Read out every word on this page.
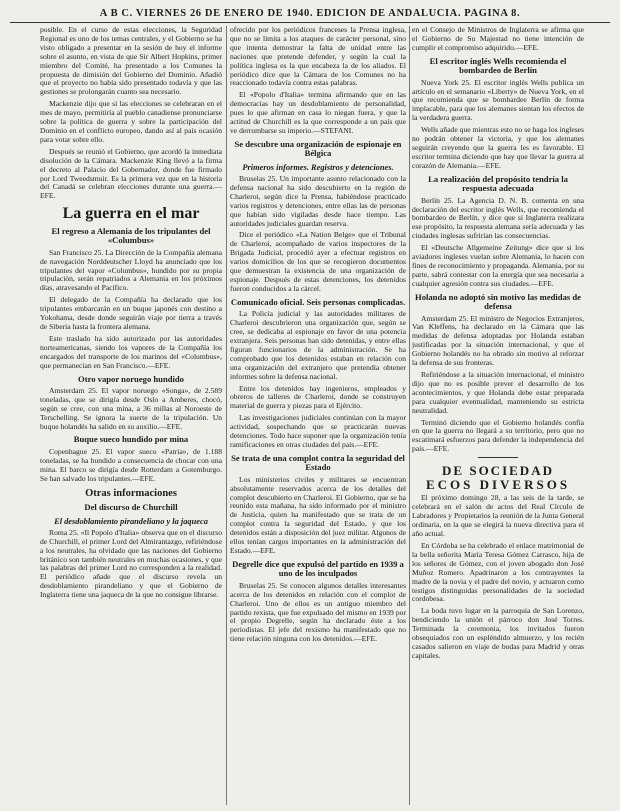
A B C. VIERNES 26 DE ENERO DE 1940. EDICION DE ANDALUCIA. PAGINA 8.

posible. En el curso de estas elecciones, la Seguridad Regional es uno de los temas centrales, y el Gobierno se ha visto obligado a presentar en la sesión de hoy el informe sobre el asunto, en vista de que Sir Albert Hopkins, primer miembro del Comité, ha presentado a los Comunes la propuesta de dimisión del Gobierno del Dominio. Añadió que el proyecto no había sido presentado todavía y que las gestiones se prolongarán cuanto sea necesario.

Mackenzie dijo que si las elecciones se celebraran en el mes de mayo, permitiría al pueblo canadiense pronunciarse sobre la política de guerra y sobre la participación del Dominio en el conflicto europeo, dando así al país ocasión para votar sobre ello.

Después se reunió el Gobierno, que acordó la inmediata disolución de la Cámara. Mackenzie King llevó a la firma el decreto al Palacio del Gobernador, donde fue firmado por Lord Tweedsmuir. Es la primera vez que en la historia del Canadá se celebran elecciones durante una guerra.—EFE.

La guerra en el mar
El regreso a Alemania de los tripulantes del «Columbus»

San Francisco 25. La Dirección de la Compañía alemana de navegación Norddeutscher Lloyd ha anunciado que los tripulantes del vapor «Columbus», hundido por su propia tripulación, serán repatriados a Alemania en los próximos días, atravesando el Pacífico.

El delegado de la Compañía ha declarado que los tripulantes embarcarán en un buque japonés con destino a Yokohama, desde donde seguirán viaje por tierra a través de Siberia hasta la frontera alemana.

Este traslado ha sido autorizado por las autoridades norteamericanas, siendo los vapores de la Compañía los encargados del transporte de los marinos del «Columbus», que permanecían en San Francisco.—EFE.

Otro vapor noruego hundido

Amsterdam 25. El vapor noruego «Songa», de 2.589 toneladas, que se dirigía desde Oslo a Amberes, chocó, según se cree, con una mina, a 36 millas al Noroeste de Terschelling. Se ignora la suerte de la tripulación. Un buque holandés ha salido en su auxilio.—EFE.

Buque sueco hundido por mina

Copenhague 25. El vapor sueco «Patria», de 1.188 toneladas, se ha hundido a consecuencia de chocar con una mina. El barco se dirigía desde Rotterdam a Gotemburgo. Se han salvado los tripulantes.—EFE.

Otras informaciones
Del discurso de Churchill
El desdoblamiento pirandeliano y la jaqueca

Roma 25. «Il Popolo d'Italia» observa que en el discurso de Churchill, el primer Lord del Almirantazgo, refiriéndose a los neutrales, ha olvidado que las naciones del Gobierno británico son también neutrales en muchas ocasiones, y que las palabras del primer Lord no corresponden a la realidad. El periódico añade que el discurso revela un desdoblamiento pirandeliano y que el Gobierno de Inglaterra tiene una jaqueca de la que no consigue librarse.

ofrecido por los periódicos franceses la Prensa inglesa, que no se limita a los ataques de carácter personal, sino que intenta demostrar la falta de unidad entre las naciones que pretende defender, y según la cual la política inglesa es la que encabeza la de los aliados. El periódico dice que la Cámara de los Comunes no ha reaccionado todavía contra estas palabras.

El «Popolo d'Italia» termina afirmando que en las democracias hay un desdoblamiento de personalidad, pues lo que afirman en casa lo niegan fuera, y que la actitud de Churchill es la que corresponde a un país que ve derrumbarse su imperio.—STEFANI.

Se descubre una organización de espionaje en Bélgica
Primeros informes. Registros y detenciones.

Bruselas 25. Un importante asunto relacionado con la defensa nacional ha sido descubierto en la región de Charleroi, según dice la Prensa, habiéndose practicado varios registros y detenciones, entre ellas las de personas que habían sido vigiladas desde hace tiempo. Las autoridades judiciales guardan reserva.

Dice el periódico «La Nation Belge» que el Tribunal de Charleroi, acompañado de varios inspectores de la Brigada Judicial, procedió ayer a efectuar registros en varios domicilios de los que se recogieron documentos que demuestran la existencia de una organización de espionaje. Después de estas detenciones, los detenidos fueron conducidos a la cárcel.

Comunicado oficial. Seis personas complicadas.

La Policía judicial y las autoridades militares de Charleroi descubrieron una organización que, según se cree, se dedicaba al espionaje en favor de una potencia extranjera. Seis personas han sido detenidas, y entre ellas figuran funcionarios de la administración. Se ha comprobado que los detenidos estaban en relación con una organización del extranjero que pretendía obtener informes sobre la defensa nacional.

Entre los detenidos hay ingenieros, empleados y obreros de talleres de Charleroi, donde se construyen material de guerra y piezas para el Ejército.

Las investigaciones judiciales continúan con la mayor actividad, sospechando que se practicarán nuevas detenciones. Todo hace suponer que la organización tenía ramificaciones en otras ciudades del país.—EFE.

Se trata de una complot contra la seguridad del Estado

Los ministerios civiles y militares se encuentran absolutamente reservados acerca de los detalles del complot descubierto en Charleroi. El Gobierno, que se ha reunido esta mañana, ha sido informado por el ministro de Justicia, quien ha manifestado que se trata de un complot contra la seguridad del Estado, y que los detenidos están a disposición del juez militar. Algunos de ellos tenían cargos importantes en la administración del Estado.—EFE.

Degrelle dice que expulsó del partido en 1939 a uno de los inculpados

Bruselas 25. Se conocen algunos detalles interesantes acerca de los detenidos en relación con el complot de Charleroi. Uno de ellos es un antiguo miembro del partido rexista, que fue expulsado del mismo en 1939 por el propio Degrelle, según ha declarado éste a los periodistas. El jefe del rexismo ha manifestado que no tiene relación ninguna con los detenidos.—EFE.

en el Consejo de Ministros de Inglaterra se afirma que el Gobierno de Su Majestad no tiene intención de cumplir el compromiso adquirido.—EFE.

El escritor inglés Wells recomienda el bombardeo de Berlín

Nueva York 25. El escritor inglés Wells publica un artículo en el semanario «Liberty» de Nueva York, en el que recomienda que se bombardee Berlín de forma implacable, para que los alemanes sientan los efectos de la verdadera guerra.

Wells añade que mientras esto no se haga los ingleses no podrán obtener la victoria, y que los alemanes seguirán creyendo que la guerra les es favorable. El escritor termina diciendo que hay que llevar la guerra al corazón de Alemania.—EFE.

La realización del propósito tendría la respuesta adecuada

Berlín 25. La Agencia D. N. B. comenta en una declaración del escritor inglés Wells, que recomienda el bombardeo de Berlín, y dice que si Inglaterra realizara ese propósito, la respuesta alemana sería adecuada y las ciudades inglesas sufrirían las consecuencias.

El «Deutsche Allgemeine Zeitung» dice que si los aviadores ingleses vuelan sobre Alemania, lo hacen con fines de reconocimiento y propaganda. Alemania, por su parte, sabrá contestar con la energía que sea necesaria a cualquier agresión contra sus ciudades.—EFE.

Holanda no adoptó sin motivo las medidas de defensa

Amsterdam 25. El ministro de Negocios Extranjeros, Van Kleffens, ha declarado en la Cámara que las medidas de defensa adoptadas por Holanda estaban justificadas por la situación internacional, y que el Gobierno holandés no ha obrado sin motivo al reforzar la defensa de sus fronteras.

Refiriéndose a la situación internacional, el ministro dijo que no es posible prever el desarrollo de los acontecimientos, y que Holanda debe estar preparada para cualquier eventualidad, manteniendo su estricta neutralidad.

Terminó diciendo que el Gobierno holandés confía en que la guerra no llegará a su territorio, pero que no escatimará esfuerzos para defender la independencia del país.—EFE.

DE SOCIEDAD
ECOS DIVERSOS

El próximo domingo 28, a las seis de la tarde, se celebrará en el salón de actos del Real Círculo de Labradores y Propietarios la reunión de la Junta General ordinaria, en la que se elegirá la nueva directiva para el año actual.

En Córdoba se ha celebrado el enlace matrimonial de la bella señorita María Teresa Gómez Carrasco, hija de los señores de Gómez, con el joven abogado don José Muñoz Romero. Apadrinaron a los contrayentes la madre de la novia y el padre del novio, y actuaron como testigos distinguidas personalidades de la sociedad cordobesa.

La boda tuvo lugar en la parroquia de San Lorenzo, bendiciendo la unión el párroco don José Torres. Terminada la ceremonia, los invitados fueron obsequiados con un espléndido almuerzo, y los recién casados salieron en viaje de bodas para Madrid y otras capitales.
